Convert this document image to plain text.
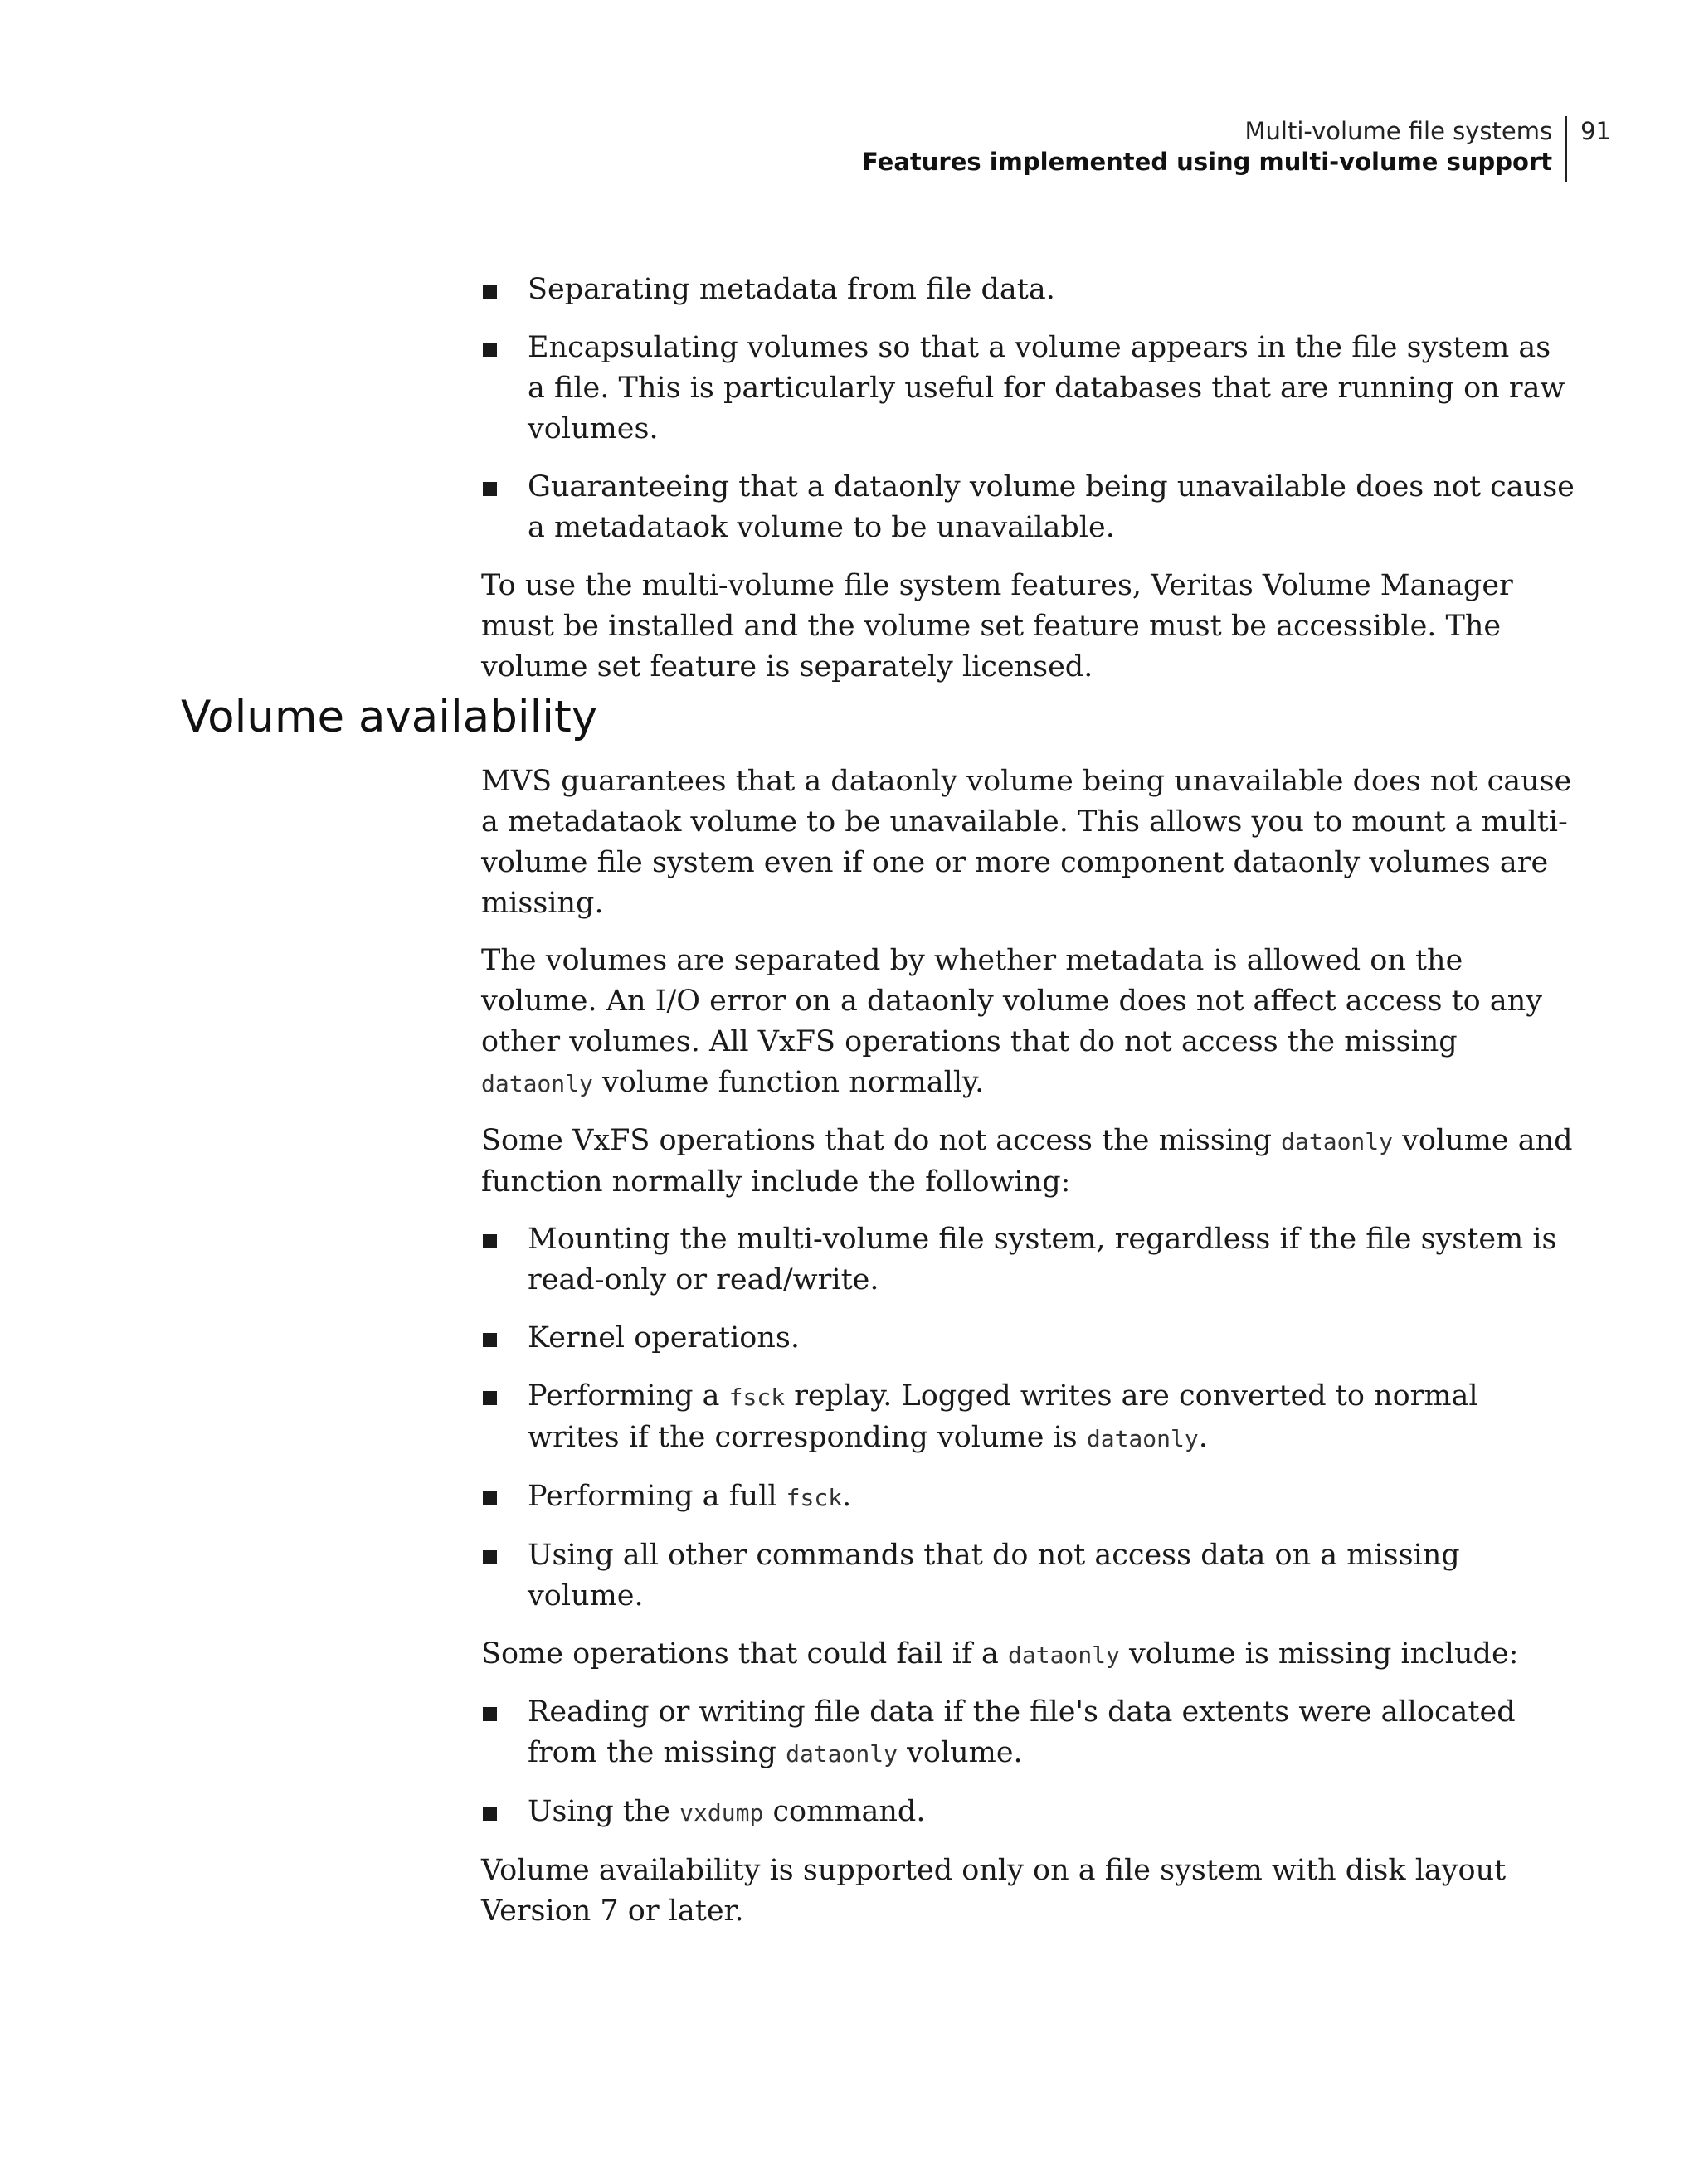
Multi-volume file systems
Features implemented using multi-volume support
91
Separating metadata from file data.
Encapsulating volumes so that a volume appears in the file system as a file. This is particularly useful for databases that are running on raw volumes.
Guaranteeing that a dataonly volume being unavailable does not cause a metadataok volume to be unavailable.

To use the multi-volume file system features, Veritas Volume Manager must be installed and the volume set feature must be accessible. The volume set feature is separately licensed.

Volume availability

MVS guarantees that a dataonly volume being unavailable does not cause a metadataok volume to be unavailable. This allows you to mount a multi-volume file system even if one or more component dataonly volumes are missing.

The volumes are separated by whether metadata is allowed on the volume. An I/O error on a dataonly volume does not affect access to any other volumes. All VxFS operations that do not access the missing dataonly volume function normally.

Some VxFS operations that do not access the missing dataonly volume and function normally include the following:

Mounting the multi-volume file system, regardless if the file system is read-only or read/write.
Kernel operations.
Performing a fsck replay. Logged writes are converted to normal writes if the corresponding volume is dataonly.
Performing a full fsck.
Using all other commands that do not access data on a missing volume.

Some operations that could fail if a dataonly volume is missing include:

Reading or writing file data if the file's data extents were allocated from the missing dataonly volume.
Using the vxdump command.

Volume availability is supported only on a file system with disk layout Version 7 or later.
